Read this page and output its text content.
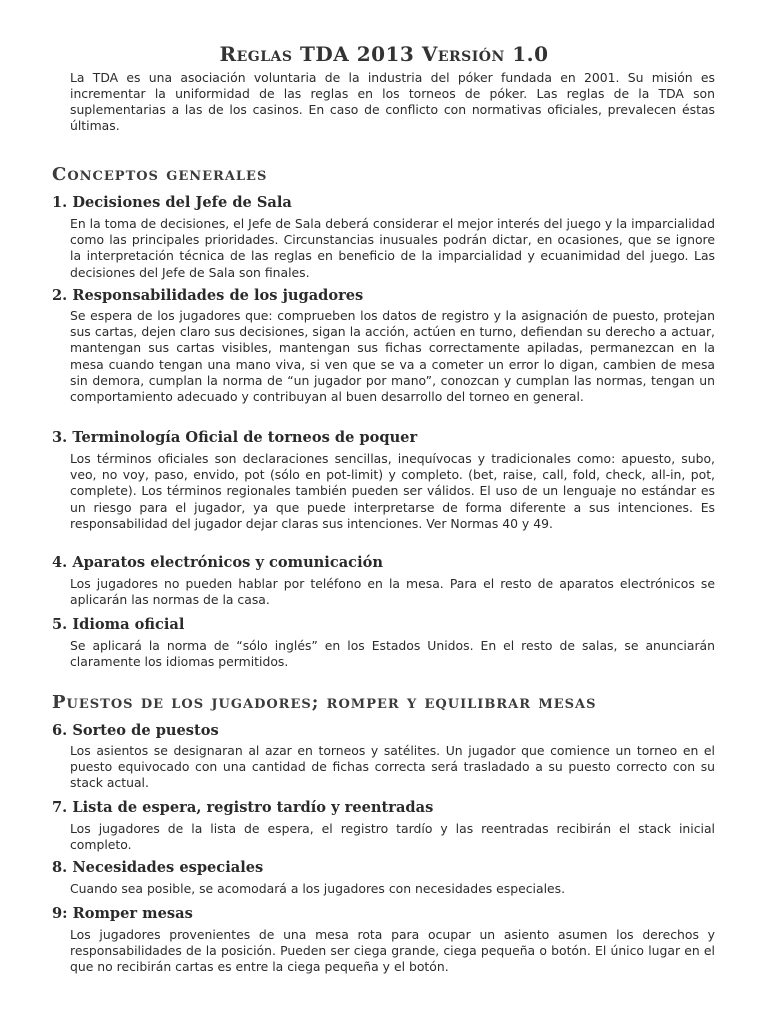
Reglas TDA 2013 Versión 1.0

La TDA es una asociación voluntaria de la industria del póker fundada en 2001. Su misión es incrementar la uniformidad de las reglas en los torneos de póker. Las reglas de la TDA son suplementarias a las de los casinos. En caso de conflicto con normativas oficiales, prevalecen éstas últimas.

Conceptos generales
1. Decisiones del Jefe de Sala

En la toma de decisiones, el Jefe de Sala deberá considerar el mejor interés del juego y la imparcialidad como las principales prioridades. Circunstancias inusuales podrán dictar, en ocasiones, que se ignore la interpretación técnica de las reglas en beneficio de la imparcialidad y ecuanimidad del juego. Las decisiones del Jefe de Sala son finales.

2. Responsabilidades de los jugadores

Se espera de los jugadores que: comprueben los datos de registro y la asignación de puesto, protejan sus cartas, dejen claro sus decisiones, sigan la acción, actúen en turno, defiendan su derecho a actuar, mantengan sus cartas visibles, mantengan sus fichas correctamente apiladas, permanezcan en la mesa cuando tengan una mano viva, si ven que se va a cometer un error lo digan, cambien de mesa sin demora, cumplan la norma de “un jugador por mano”, conozcan y cumplan las normas, tengan un comportamiento adecuado y contribuyan al buen desarrollo del torneo en general.

3. Terminología Oficial de torneos de poquer

Los términos oficiales son declaraciones sencillas, inequívocas y tradicionales como: apuesto, subo, veo, no voy, paso, envido, pot (sólo en pot-limit) y completo. (bet, raise, call, fold, check, all-in, pot, complete). Los términos regionales también pueden ser válidos. El uso de un lenguaje no estándar es un riesgo para el jugador, ya que puede interpretarse de forma diferente a sus intenciones. Es responsabilidad del jugador dejar claras sus intenciones. Ver Normas 40 y 49.

4. Aparatos electrónicos y comunicación

Los jugadores no pueden hablar por teléfono en la mesa. Para el resto de aparatos electrónicos se aplicarán las normas de la casa.

5. Idioma oficial

Se aplicará la norma de “sólo inglés” en los Estados Unidos. En el resto de salas, se anunciarán claramente los idiomas permitidos.

Puestos de los jugadores; romper y equilibrar mesas
6. Sorteo de puestos

Los asientos se designaran al azar en torneos y satélites. Un jugador que comience un torneo en el puesto equivocado con una cantidad de fichas correcta será trasladado a su puesto correcto con su stack actual.

7. Lista de espera, registro tardío y reentradas

Los jugadores de la lista de espera, el registro tardío y las reentradas recibirán el stack inicial completo.

8. Necesidades especiales

Cuando sea posible, se acomodará a los jugadores con necesidades especiales.

9: Romper mesas

Los jugadores provenientes de una mesa rota para ocupar un asiento asumen los derechos y responsabilidades de la posición. Pueden ser ciega grande, ciega pequeña o botón. El único lugar en el que no recibirán cartas es entre la ciega pequeña y el botón.
